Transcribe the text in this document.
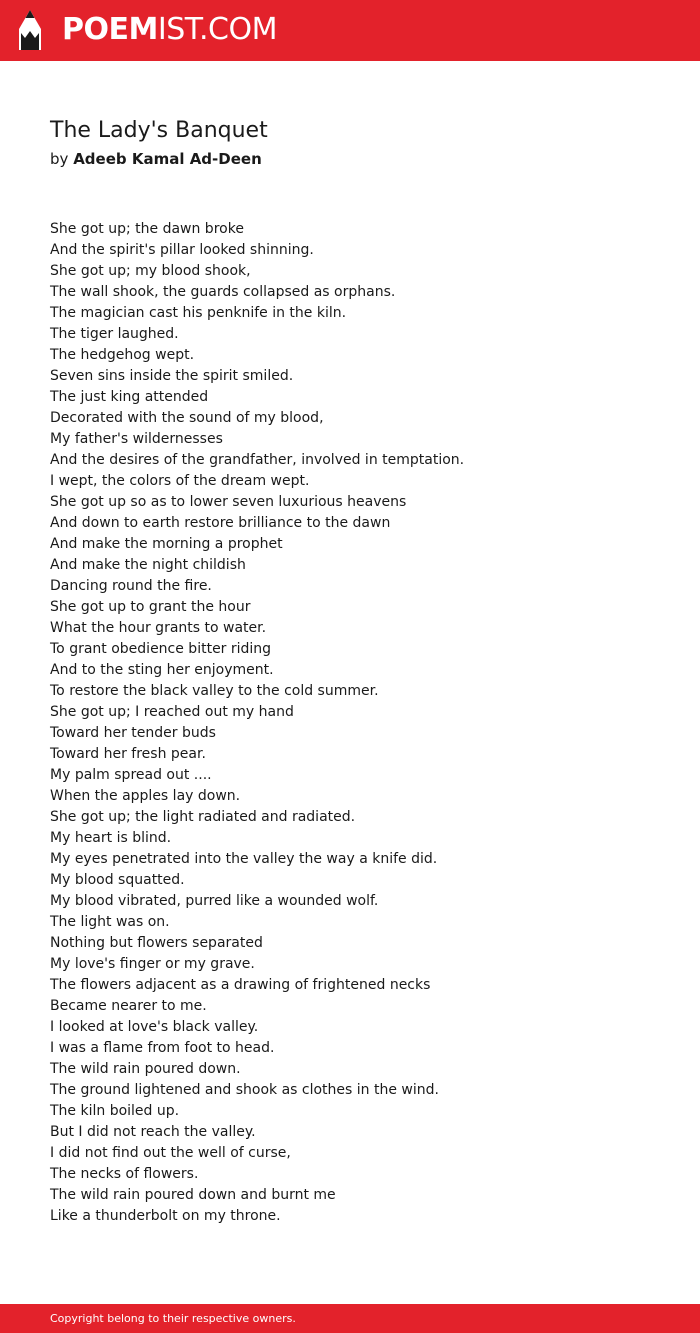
POEMIST.COM
The Lady's Banquet
by Adeeb Kamal Ad-Deen
She got up; the dawn broke
And the spirit's pillar looked shinning.
She got up; my blood shook,
The wall shook, the guards collapsed as orphans.
The magician cast his penknife in the kiln.
The tiger laughed.
The hedgehog wept.
Seven sins inside the spirit smiled.
The just king attended
Decorated with the sound of my blood,
My father's wildernesses
And the desires of the grandfather, involved in temptation.
I wept, the colors of the dream wept.
She got up so as to lower seven luxurious heavens
And down to earth restore brilliance to the dawn
And make the morning a prophet
And make the night childish
Dancing round the fire.
She got up to grant the hour
What the hour grants to water.
To grant obedience bitter riding
And to the sting her enjoyment.
To restore the black valley to the cold summer.
She got up; I reached out my hand
Toward her tender buds
Toward her fresh pear.
My palm spread out ....
When the apples lay down.
She got up; the light radiated and radiated.
My heart is blind.
My eyes penetrated into the valley the way a knife did.
My blood squatted.
My blood vibrated, purred like a wounded wolf.
The light was on.
Nothing but flowers separated
My love's finger or my grave.
The flowers adjacent as a drawing of frightened necks
Became nearer to me.
I looked at love's black valley.
I was a flame from foot to head.
The wild rain poured down.
The ground lightened and shook as clothes in the wind.
The kiln boiled up.
But I did not reach the valley.
I did not find out the well of curse,
The necks of flowers.
The wild rain poured down and burnt me
Like a thunderbolt on my throne.
Copyright belong to their respective owners.
